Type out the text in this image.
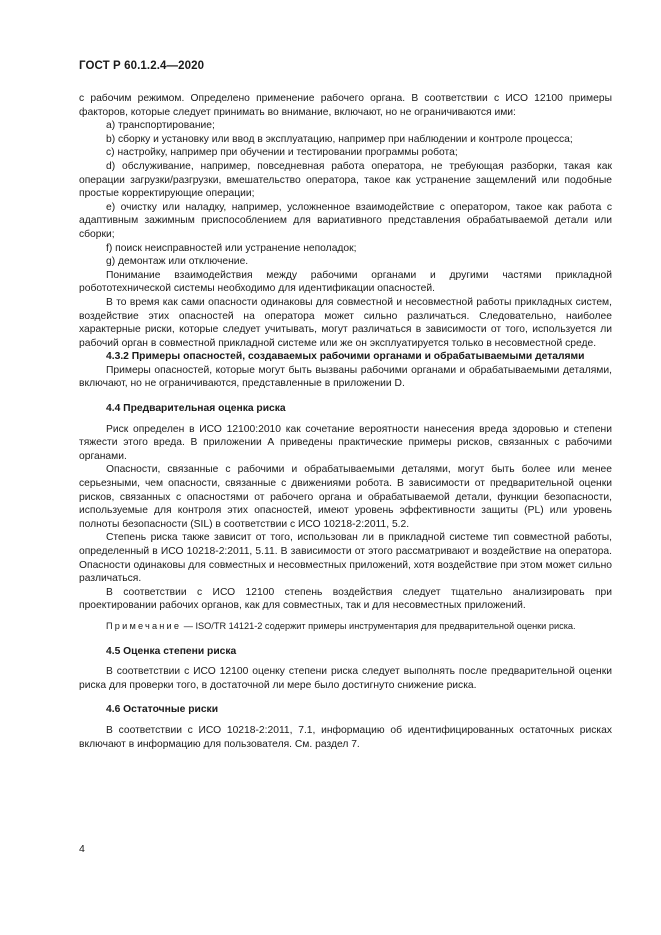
ГОСТ Р 60.1.2.4—2020

с рабочим режимом. Определено применение рабочего органа. В соответствии с ИСО 12100 примеры факторов, которые следует принимать во внимание, включают, но не ограничиваются ими:

a) транспортирование;

b) сборку и установку или ввод в эксплуатацию, например при наблюдении и контроле процесса;

c) настройку, например при обучении и тестировании программы робота;

d) обслуживание, например, повседневная работа оператора, не требующая разборки, такая как операции загрузки/разгрузки, вмешательство оператора, такое как устранение защемлений или подобные простые корректирующие операции;

e) очистку или наладку, например, усложненное взаимодействие с оператором, такое как работа с адаптивным зажимным приспособлением для вариативного представления обрабатываемой детали или сборки;

f) поиск неисправностей или устранение неполадок;

g) демонтаж или отключение.

Понимание взаимодействия между рабочими органами и другими частями прикладной робототехнической системы необходимо для идентификации опасностей.

В то время как сами опасности одинаковы для совместной и несовместной работы прикладных систем, воздействие этих опасностей на оператора может сильно различаться. Следовательно, наиболее характерные риски, которые следует учитывать, могут различаться в зависимости от того, используется ли рабочий орган в совместной прикладной системе или же он эксплуатируется только в несовместной среде.

4.3.2 Примеры опасностей, создаваемых рабочими органами и обрабатываемыми деталями

Примеры опасностей, которые могут быть вызваны рабочими органами и обрабатываемыми деталями, включают, но не ограничиваются, представленные в приложении D.

4.4 Предварительная оценка риска

Риск определен в ИСО 12100:2010 как сочетание вероятности нанесения вреда здоровью и степени тяжести этого вреда. В приложении А приведены практические примеры рисков, связанных с рабочими органами.

Опасности, связанные с рабочими и обрабатываемыми деталями, могут быть более или менее серьезными, чем опасности, связанные с движениями робота. В зависимости от предварительной оценки рисков, связанных с опасностями от рабочего органа и обрабатываемой детали, функции безопасности, используемые для контроля этих опасностей, имеют уровень эффективности защиты (PL) или уровень полноты безопасности (SIL) в соответствии с ИСО 10218-2:2011, 5.2.

Степень риска также зависит от того, использован ли в прикладной системе тип совместной работы, определенный в ИСО 10218-2:2011, 5.11. В зависимости от этого рассматривают и воздействие на оператора. Опасности одинаковы для совместных и несовместных приложений, хотя воздействие при этом может сильно различаться.

В соответствии с ИСО 12100 степень воздействия следует тщательно анализировать при проектировании рабочих органов, как для совместных, так и для несовместных приложений.

Примечание — ISO/TR 14121-2 содержит примеры инструментария для предварительной оценки риска.

4.5 Оценка степени риска

В соответствии с ИСО 12100 оценку степени риска следует выполнять после предварительной оценки риска для проверки того, в достаточной ли мере было достигнуто снижение риска.

4.6 Остаточные риски

В соответствии с ИСО 10218-2:2011, 7.1, информацию об идентифицированных остаточных рисках включают в информацию для пользователя. См. раздел 7.

4
